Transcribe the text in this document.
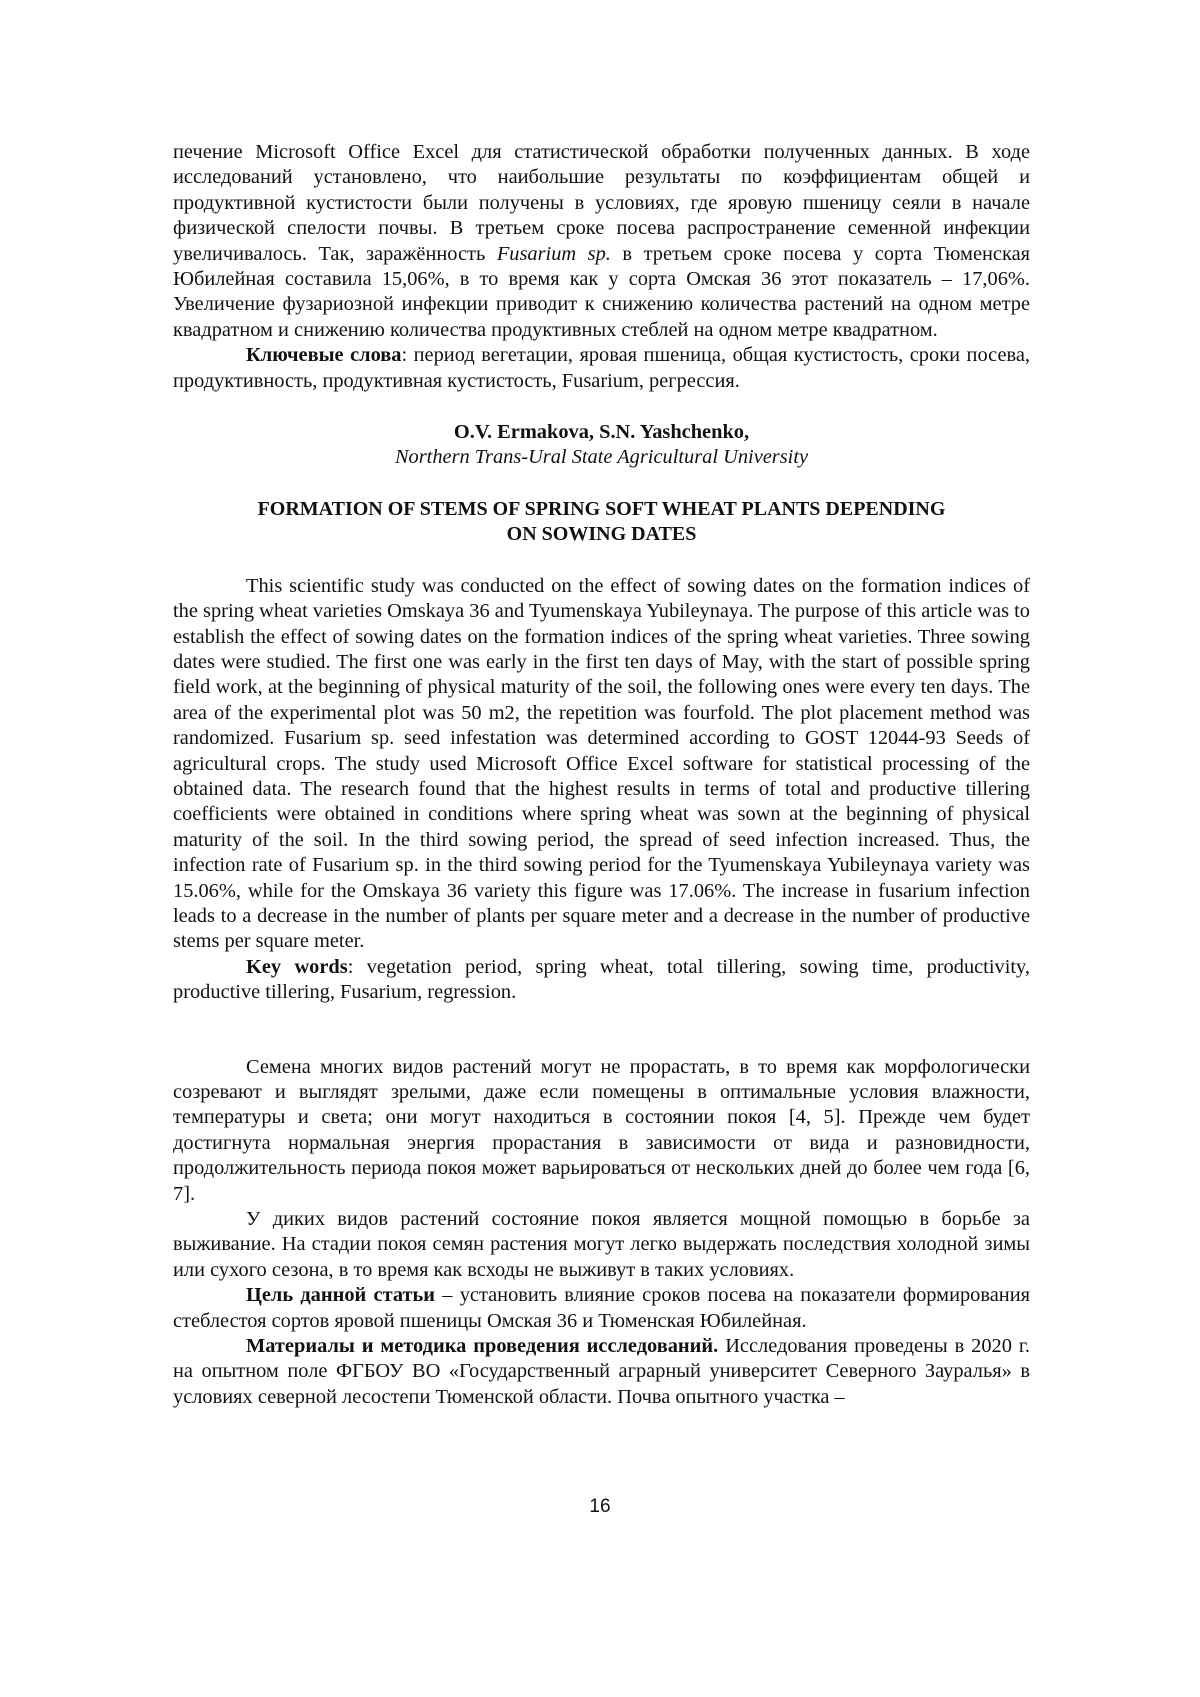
печение Microsoft Office Excel для статистической обработки полученных данных. В ходе исследований установлено, что наибольшие результаты по коэффициентам общей и продуктивной кустистости были получены в условиях, где яровую пшеницу сеяли в начале физической спелости почвы. В третьем сроке посева распространение семенной инфекции увеличивалось. Так, заражённость Fusarium sp. в третьем сроке посева у сорта Тюменская Юбилейная составила 15,06%, в то время как у сорта Омская 36 этот показатель – 17,06%. Увеличение фузариозной инфекции приводит к снижению количества растений на одном метре квадратном и снижению количества продуктивных стеблей на одном метре квадратном.

Ключевые слова: период вегетации, яровая пшеница, общая кустистость, сроки посева, продуктивность, продуктивная кустистость, Fusarium, регрессия.

O.V. Ermakova, S.N. Yashchenko,
Northern Trans-Ural State Agricultural University
FORMATION OF STEMS OF SPRING SOFT WHEAT PLANTS DEPENDING
ON SOWING DATES

This scientific study was conducted on the effect of sowing dates on the formation indices of the spring wheat varieties Omskaya 36 and Tyumenskaya Yubileynaya. The purpose of this article was to establish the effect of sowing dates on the formation indices of the spring wheat varieties. Three sowing dates were studied. The first one was early in the first ten days of May, with the start of possible spring field work, at the beginning of physical maturity of the soil, the following ones were every ten days. The area of the experimental plot was 50 m2, the repetition was fourfold. The plot placement method was randomized. Fusarium sp. seed infestation was determined according to GOST 12044-93 Seeds of agricultural crops. The study used Microsoft Office Excel software for statistical processing of the obtained data. The research found that the highest results in terms of total and productive tillering coefficients were obtained in conditions where spring wheat was sown at the beginning of physical maturity of the soil. In the third sowing period, the spread of seed infection increased. Thus, the infection rate of Fusarium sp. in the third sowing period for the Tyumenskaya Yubileynaya variety was 15.06%, while for the Omskaya 36 variety this figure was 17.06%. The increase in fusarium infection leads to a decrease in the number of plants per square meter and a decrease in the number of productive stems per square meter.

Key words: vegetation period, spring wheat, total tillering, sowing time, productivity, productive tillering, Fusarium, regression.

Семена многих видов растений могут не прорастать, в то время как морфологически созревают и выглядят зрелыми, даже если помещены в оптимальные условия влажности, температуры и света; они могут находиться в состоянии покоя [4, 5]. Прежде чем будет достигнута нормальная энергия прорастания в зависимости от вида и разновидности, продолжительность периода покоя может варьироваться от нескольких дней до более чем года [6, 7].

У диких видов растений состояние покоя является мощной помощью в борьбе за выживание. На стадии покоя семян растения могут легко выдержать последствия холодной зимы или сухого сезона, в то время как всходы не выживут в таких условиях.

Цель данной статьи – установить влияние сроков посева на показатели формирования стеблестоя сортов яровой пшеницы Омская 36 и Тюменская Юбилейная.

Материалы и методика проведения исследований. Исследования проведены в 2020 г. на опытном поле ФГБОУ ВО «Государственный аграрный университет Северного Зауралья» в условиях северной лесостепи Тюменской области. Почва опытного участка –

16
